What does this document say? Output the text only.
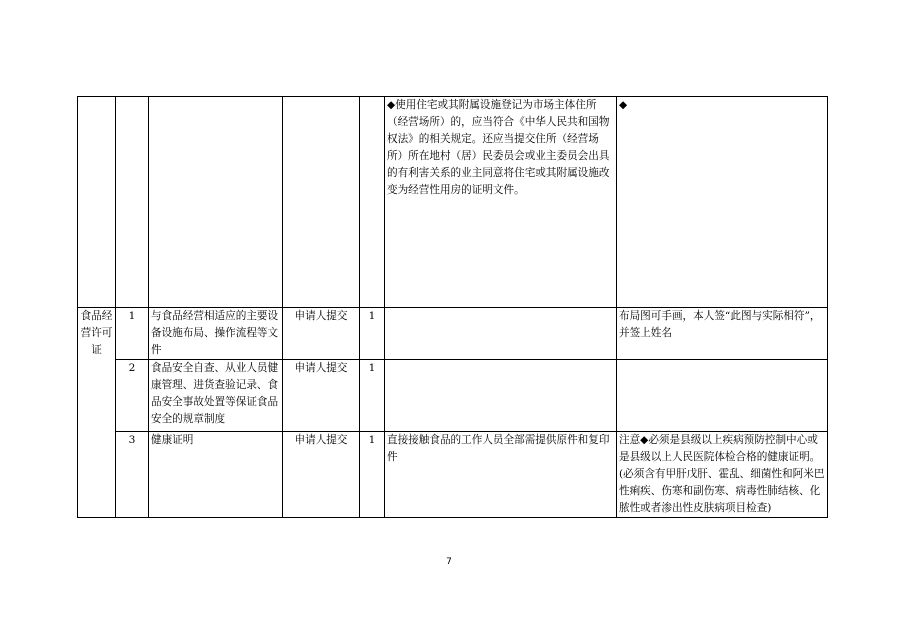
					◆使用住宅或其附属设施登记为市场主体住所（经营场所）的，应当符合《中华人民共和国物权法》的相关规定。还应当提交住所（经营场所）所在地村（居）民委员会或业主委员会出具的有利害关系的业主同意将住宅或其附属设施改变为经营性用房的证明文件。	◆
食品经营许可证	1	与食品经营相适应的主要设备设施布局、操作流程等文件	申请人提交	1		布局图可手画，本人签“此图与实际相符”，并签上姓名
	2	食品安全自查、从业人员健康管理、进货查验记录、食品安全事故处置等保证食品安全的规章制度	申请人提交	1		
	3	健康证明	申请人提交	1	直接接触食品的工作人员全部需提供原件和复印件	注意◆必须是县级以上疾病预防控制中心或是县级以上人民医院体检合格的健康证明。(必须含有甲肝戊肝、霍乱、细菌性和阿米巴性痢疾、伤寒和副伤寒、病毒性肺结核、化脓性或者渗出性皮肤病项目检查)
7
